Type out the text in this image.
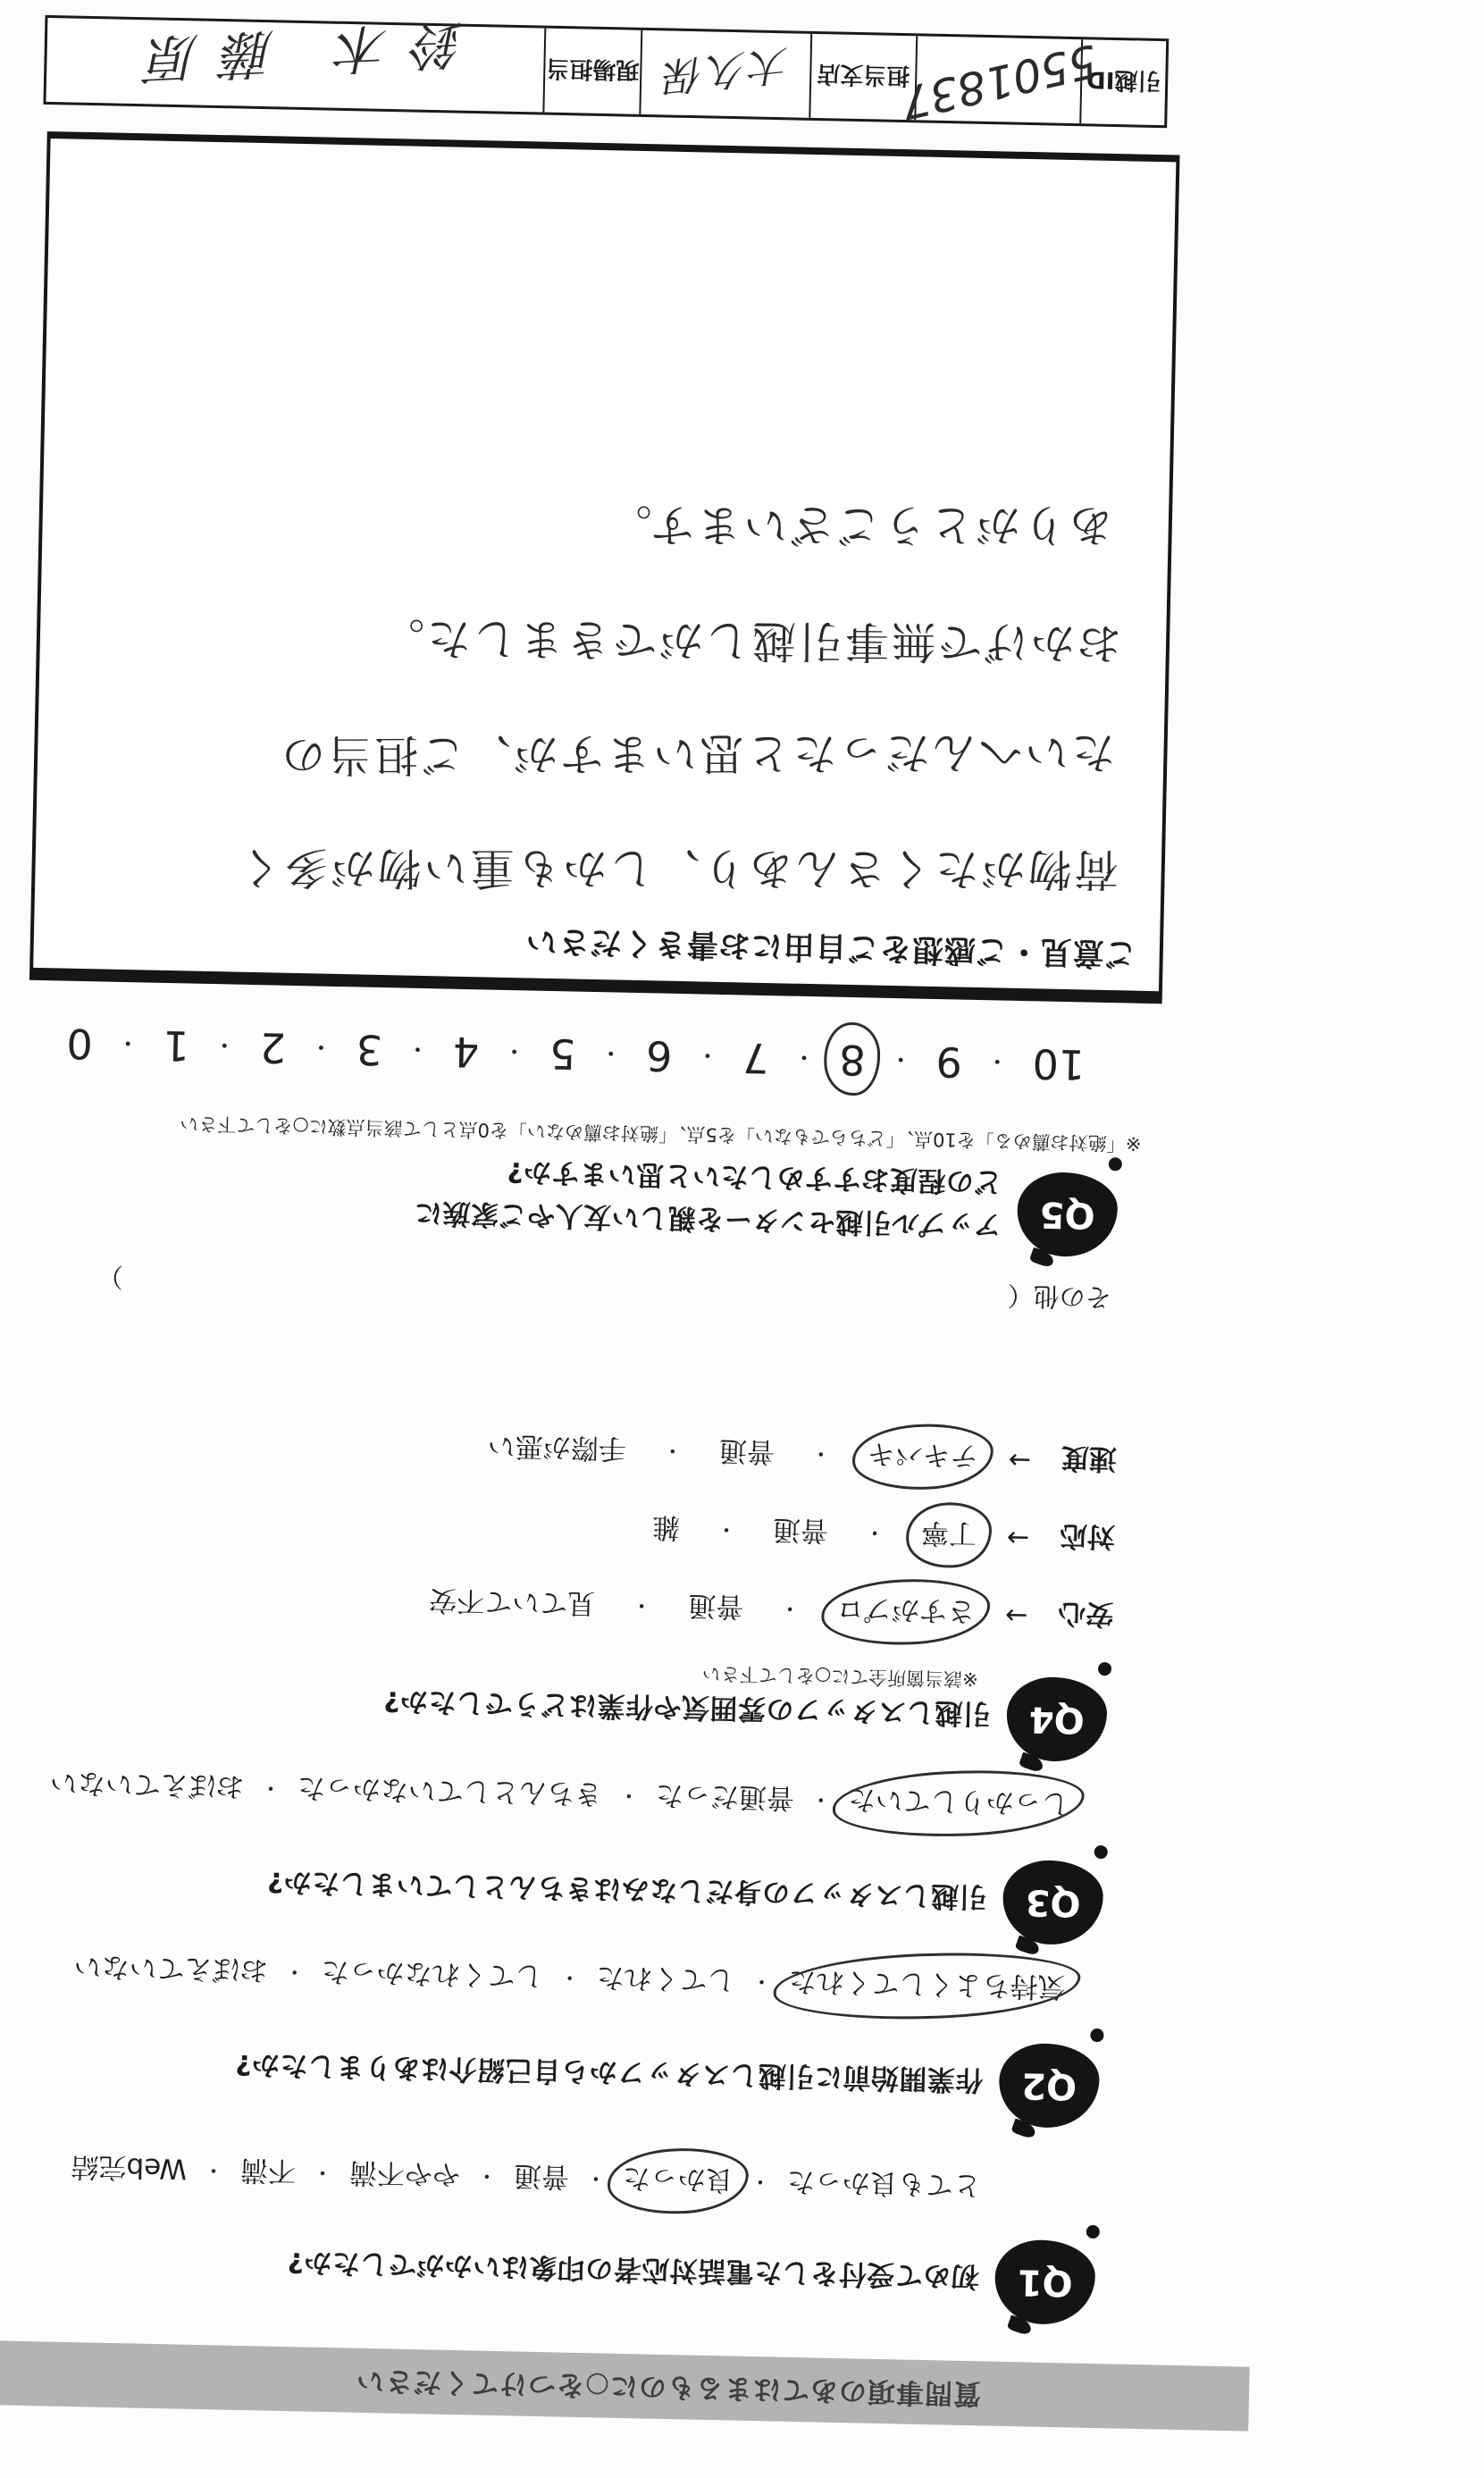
質問事項のあてはまるものに○をつけてください
Q1
初めて受付をした電話対応者の印象はいかがでしたか?
とても良かった
・
良かった
・
普通
・
やや不満
・
不満
・
Web完結
Q2
作業開始前に引越しスタッフから自己紹介はありましたか?
気持ちよくしてくれた
・
してくれた
・
してくれなかった
・
おぼえていない
Q3
引越しスタッフの身だしなみはきちんとしていましたか?
しっかりしていた
・
普通だった
・
きちんとしていなかった
・
おぼえていない
Q4
引越しスタッフの雰囲気や作業はどうでしたか?
※該当箇所全てに○をして下さい
安心
→
さすがプロ
・
普通
・
見ていて不安
対応
→
丁寧
・
普通
・
雑
速度
→
テキパキ
・
普通
・
手際が悪い
その他（
）
Q5
アップル引越センターを親しい友人やご家族に
どの程度おすすめしたいと思いますか?
※「絶対お薦める」を10点、「どちらでもない」を5点、「絶対お薦めない」を0点として該当点数に○をして下さい
10
・
9
・
8
・
7
・
6
・
5
・
4
・
3
・
2
・
1
・
0
ご意見・ご感想をご自由にお書きください
荷物がたくさんあり、しかも重い物が多く
たいへんだったと思いますが、ご担当の
おかげで無事引越しができました。
ありがとうございます。
引越ID
5501837
担当支店
大久保
現場担当
鈴木 藤原
